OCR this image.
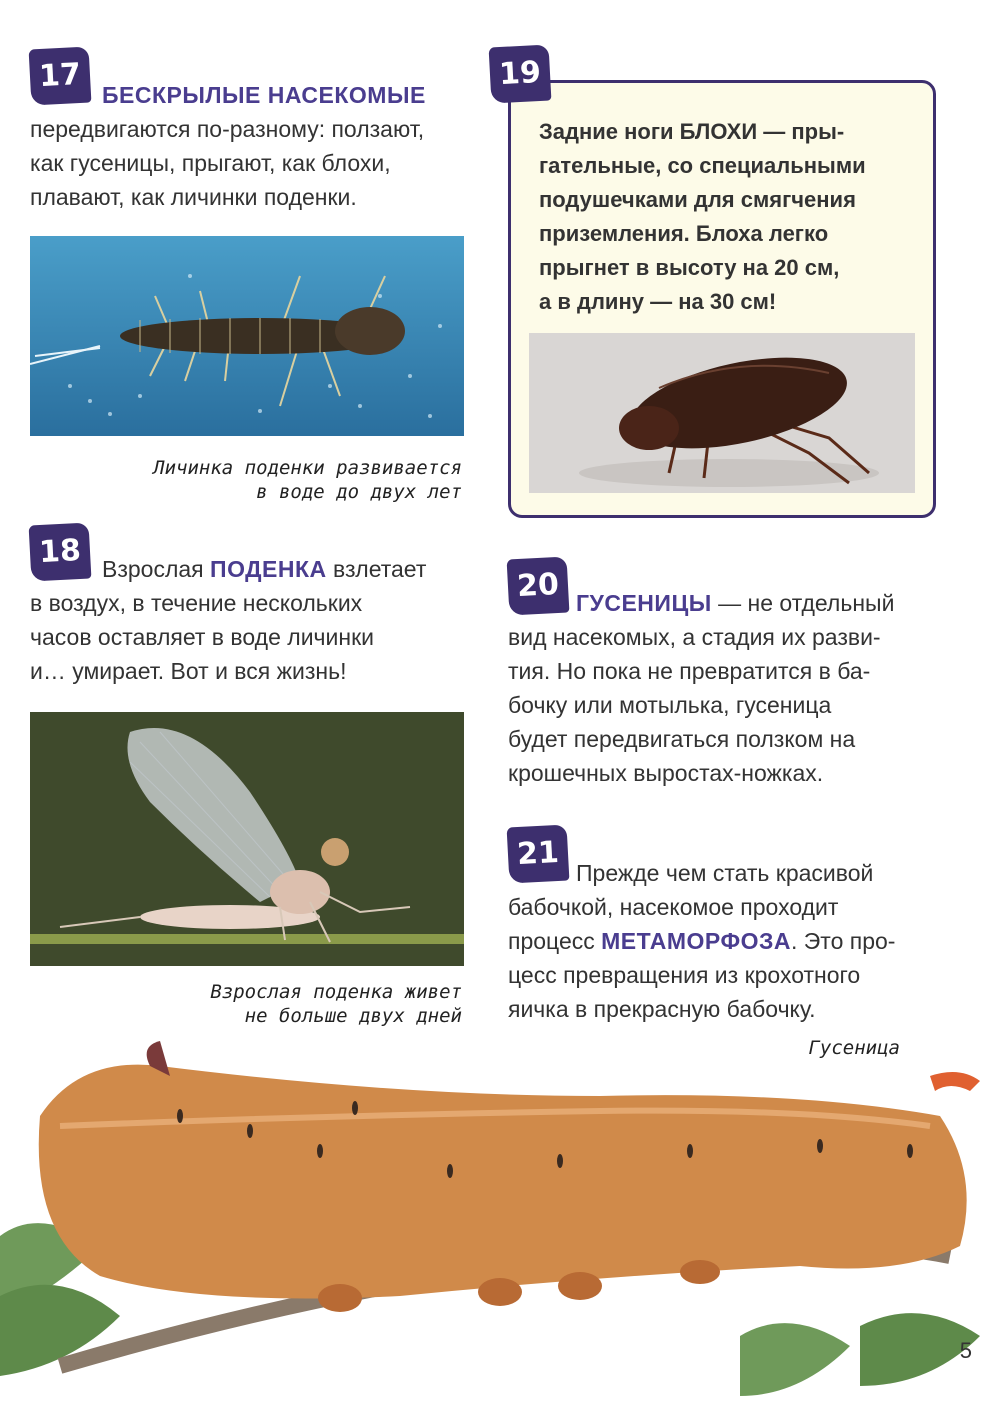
17
БЕСКРЫЛЫЕ НАСЕКОМЫЕ
передвигаются по-разному: ползают,
как гусеницы, прыгают, как блохи,
плавают, как личинки поденки.
Личинка поденки развивается
в воде до двух лет
19
Задние ноги БЛОХИ — пры-
гательные, со специальными
подушечками для смягчения
приземления. Блоха легко
прыгнет в высоту на 20 см,
а в длину — на 30 см!
18 Взрослая ПОДЕНКА взлетает
в воздух, в течение нескольких
часов оставляет в воде личинки
и… умирает. Вот и вся жизнь!
Взрослая поденка живет
не больше двух дней
20 ГУСЕНИЦЫ — не отдельный
вид насекомых, а стадия их разви-
тия. Но пока не превратится в ба-
бочку или мотылька, гусеница
будет передвигаться ползком на
крошечных выростах-ножках.
21
Прежде чем стать красивой
бабочкой, насекомое проходит
процесс МЕТАМОРФОЗА. Это про-
цесс превращения из крохотного
яичка в прекрасную бабочку.
Гусеница
5
